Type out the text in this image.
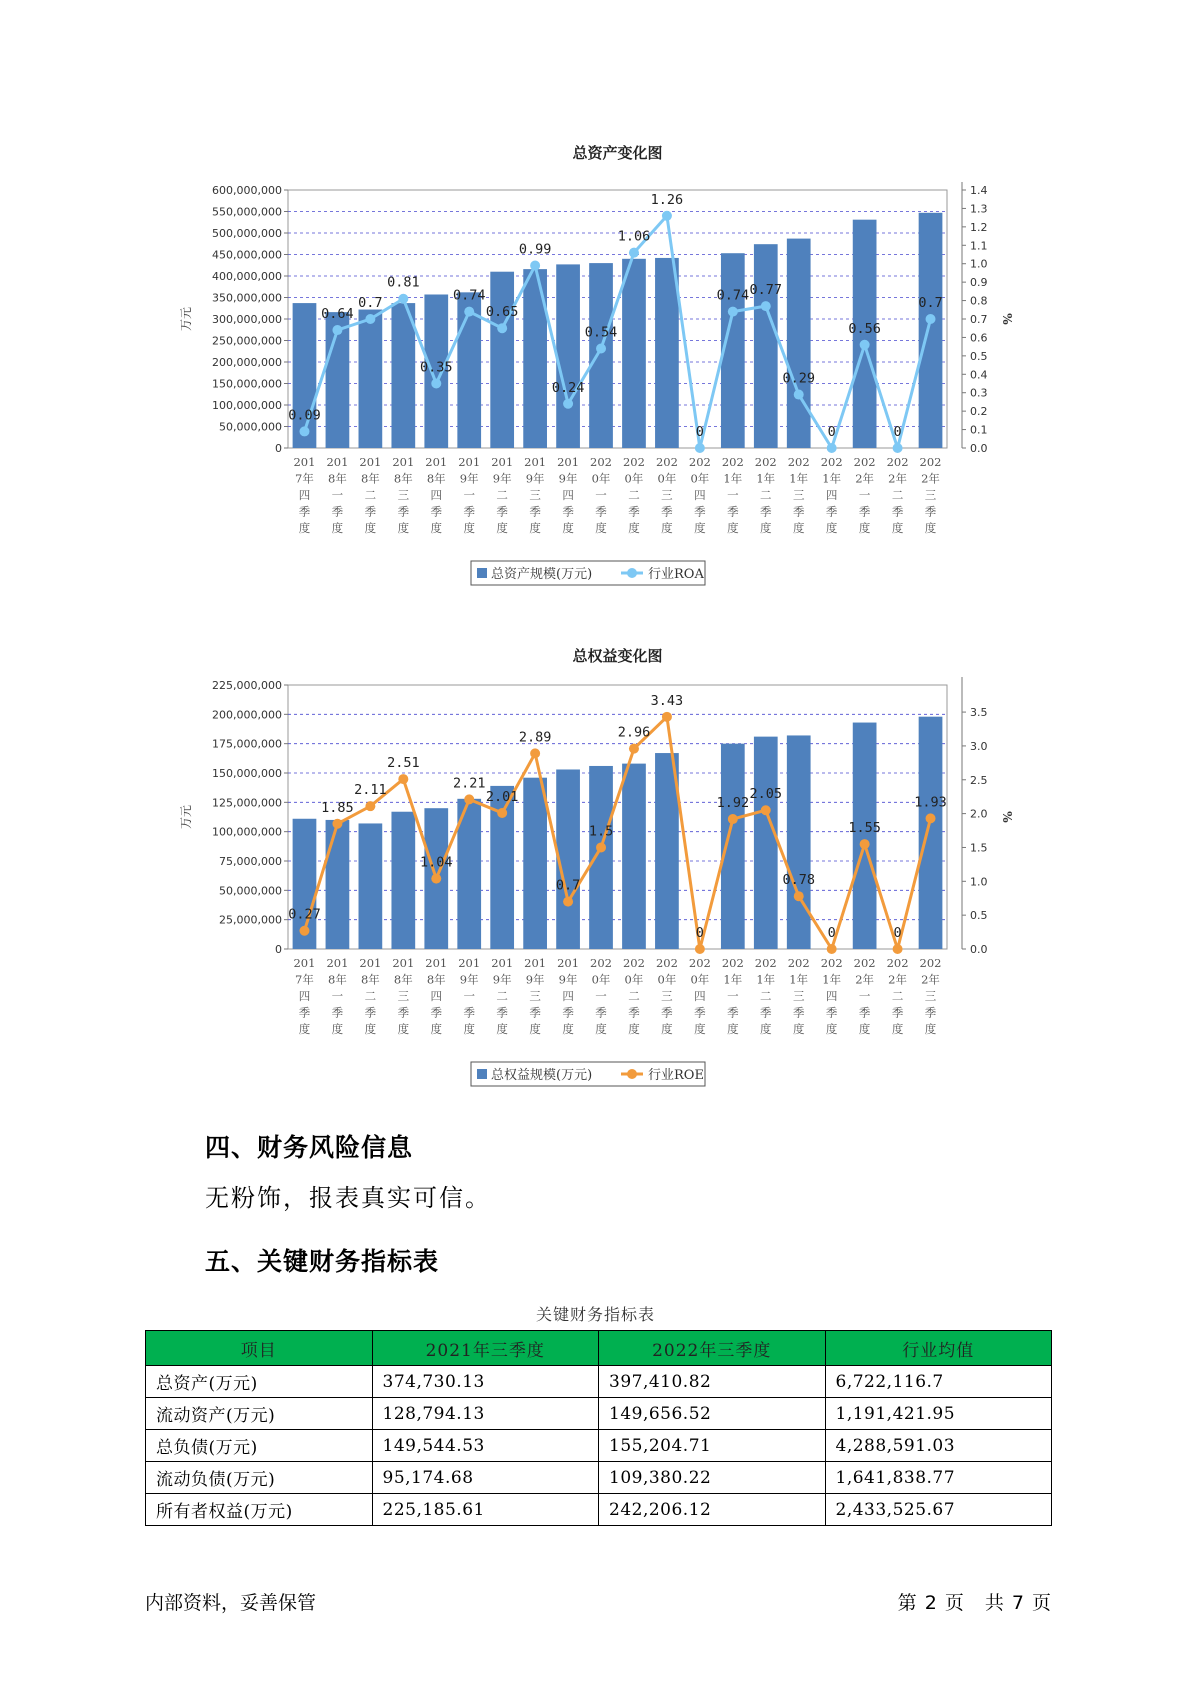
总资产变化图
600,000,000
550,000,000
500,000,000
450,000,000
400,000,000
350,000,000
300,000,000
250,000,000
200,000,000
150,000,000
100,000,000
50,000,000
0
1.4
1.3
1.2
1.1
1.0
0.9
0.8
0.7
0.6
0.5
0.4
0.3
0.2
0.1
0.0
万元	%
201
7年
四
季
度
201
8年
一
季
度
201
8年
二
季
度
201
8年
三
季
度
201
8年
四
季
度
201
9年
一
季
度
201
9年
二
季
度
201
9年
三
季
度
201
9年
四
季
度
202
0年
一
季
度
202
0年
二
季
度
202
0年
三
季
度
202
0年
四
季
度
202
1年
一
季
度
202
1年
二
季
度
202
1年
三
季
度
202
1年
四
季
度
202
2年
一
季
度
202
2年
二
季
度
202
2年
三
季
度
0.09
0.64
0.7
0.81
0.35
0.74
0.65
0.99
0.24
0.54
1.06
1.26
0
0.74 0.77
0.29
0
0.56
0
0.7
总资产规模(万元)	行业ROA
总权益变化图
225,000,000
200,000,000
175,000,000
150,000,000
125,000,000
100,000,000
75,000,000
50,000,000
25,000,000
0
3.5
3.0
2.5
2.0
1.5
1.0
0.5
0.0
万元	%
201
7年
四
季
度
201
8年
一
季
度
201
8年
二
季
度
201
8年
三
季
度
201
8年
四
季
度
201
9年
一
季
度
201
9年
二
季
度
201
9年
三
季
度
201
9年
四
季
度
202
0年
一
季
度
202
0年
二
季
度
202
0年
三
季
度
202
0年
四
季
度
202
1年
一
季
度
202
1年
二
季
度
202
1年
三
季
度
202
1年
四
季
度
202
2年
一
季
度
202
2年
二
季
度
202
2年
三
季
度
0.27
1.85
2.11
2.51
1.04
2.21
2.01
2.89
0.7
1.5
2.96
3.43
0
1.92
2.05
0.78
0
1.55
0
1.93
总权益规模(万元)	行业ROE
四、财务风险信息
无粉饰，报表真实可信。
五、关键财务指标表
关键财务指标表
项目	2021年三季度	2022年三季度	行业均值
总资产(万元)	374,730.13	397,410.82	6,722,116.7
流动资产(万元)	128,794.13	149,656.52	1,191,421.95
总负债(万元)	149,544.53	155,204.71	4,288,591.03
流动负债(万元)	95,174.68	109,380.22	1,641,838.77
所有者权益(万元)	225,185.61	242,206.12	2,433,525.67
内部资料，妥善保管	第 2 页　共 7 页
